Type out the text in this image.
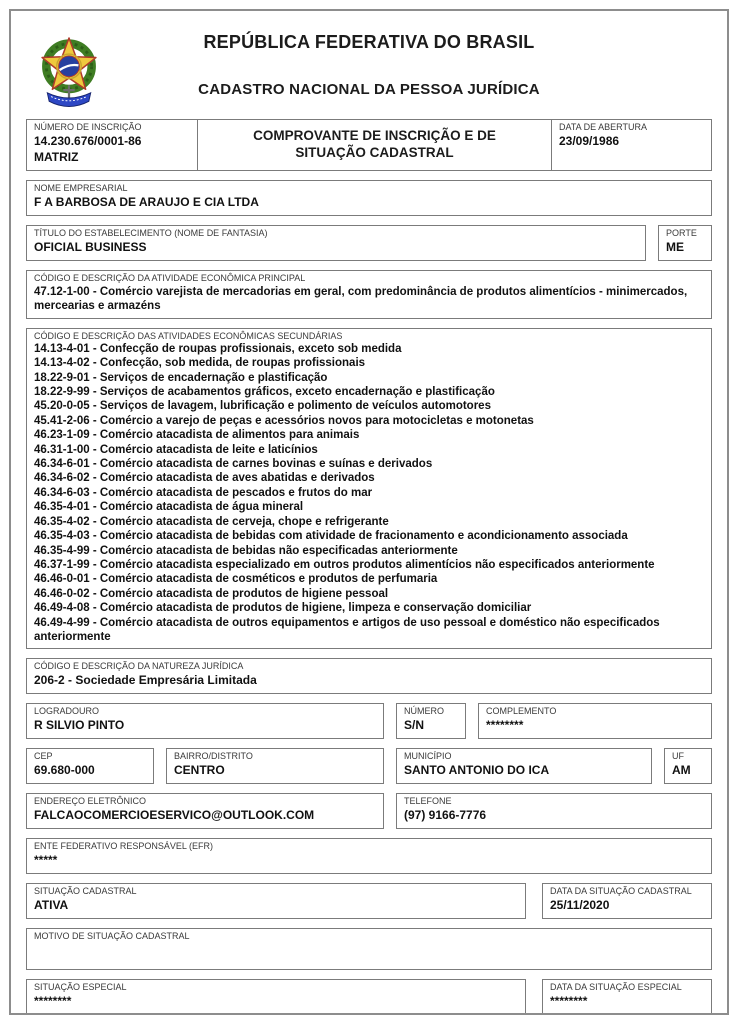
REPÚBLICA FEDERATIVA DO BRASIL
CADASTRO NACIONAL DA PESSOA JURÍDICA
NÚMERO DE INSCRIÇÃO
14.230.676/0001-86
MATRIZ
COMPROVANTE DE INSCRIÇÃO E DE SITUAÇÃO CADASTRAL
DATA DE ABERTURA
23/09/1986
NOME EMPRESARIAL
F A BARBOSA DE ARAUJO E CIA LTDA
TÍTULO DO ESTABELECIMENTO (NOME DE FANTASIA)
OFICIAL BUSINESS
PORTE
ME
CÓDIGO E DESCRIÇÃO DA ATIVIDADE ECONÔMICA PRINCIPAL
47.12-1-00 - Comércio varejista de mercadorias em geral, com predominância de produtos alimentícios - minimercados, mercearias e armazéns
CÓDIGO E DESCRIÇÃO DAS ATIVIDADES ECONÔMICAS SECUNDÁRIAS
14.13-4-01 - Confecção de roupas profissionais, exceto sob medida
14.13-4-02 - Confecção, sob medida, de roupas profissionais
18.22-9-01 - Serviços de encadernação e plastificação
18.22-9-99 - Serviços de acabamentos gráficos, exceto encadernação e plastificação
45.20-0-05 - Serviços de lavagem, lubrificação e polimento de veículos automotores
45.41-2-06 - Comércio a varejo de peças e acessórios novos para motocicletas e motonetas
46.23-1-09 - Comércio atacadista de alimentos para animais
46.31-1-00 - Comércio atacadista de leite e laticínios
46.34-6-01 - Comércio atacadista de carnes bovinas e suínas e derivados
46.34-6-02 - Comércio atacadista de aves abatidas e derivados
46.34-6-03 - Comércio atacadista de pescados e frutos do mar
46.35-4-01 - Comércio atacadista de água mineral
46.35-4-02 - Comércio atacadista de cerveja, chope e refrigerante
46.35-4-03 - Comércio atacadista de bebidas com atividade de fracionamento e acondicionamento associada
46.35-4-99 - Comércio atacadista de bebidas não especificadas anteriormente
46.37-1-99 - Comércio atacadista especializado em outros produtos alimentícios não especificados anteriormente
46.46-0-01 - Comércio atacadista de cosméticos e produtos de perfumaria
46.46-0-02 - Comércio atacadista de produtos de higiene pessoal
46.49-4-08 - Comércio atacadista de produtos de higiene, limpeza e conservação domiciliar
46.49-4-99 - Comércio atacadista de outros equipamentos e artigos de uso pessoal e doméstico não especificados anteriormente
CÓDIGO E DESCRIÇÃO DA NATUREZA JURÍDICA
206-2 - Sociedade Empresária Limitada
LOGRADOURO
R SILVIO PINTO
NÚMERO
S/N
COMPLEMENTO
********
CEP
69.680-000
BAIRRO/DISTRITO
CENTRO
MUNICÍPIO
SANTO ANTONIO DO ICA
UF
AM
ENDEREÇO ELETRÔNICO
FALCAOCOMERCIOESERVICO@OUTLOOK.COM
TELEFONE
(97) 9166-7776
ENTE FEDERATIVO RESPONSÁVEL (EFR)
*****
SITUAÇÃO CADASTRAL
ATIVA
DATA DA SITUAÇÃO CADASTRAL
25/11/2020
MOTIVO DE SITUAÇÃO CADASTRAL
SITUAÇÃO ESPECIAL
********
DATA DA SITUAÇÃO ESPECIAL
********
